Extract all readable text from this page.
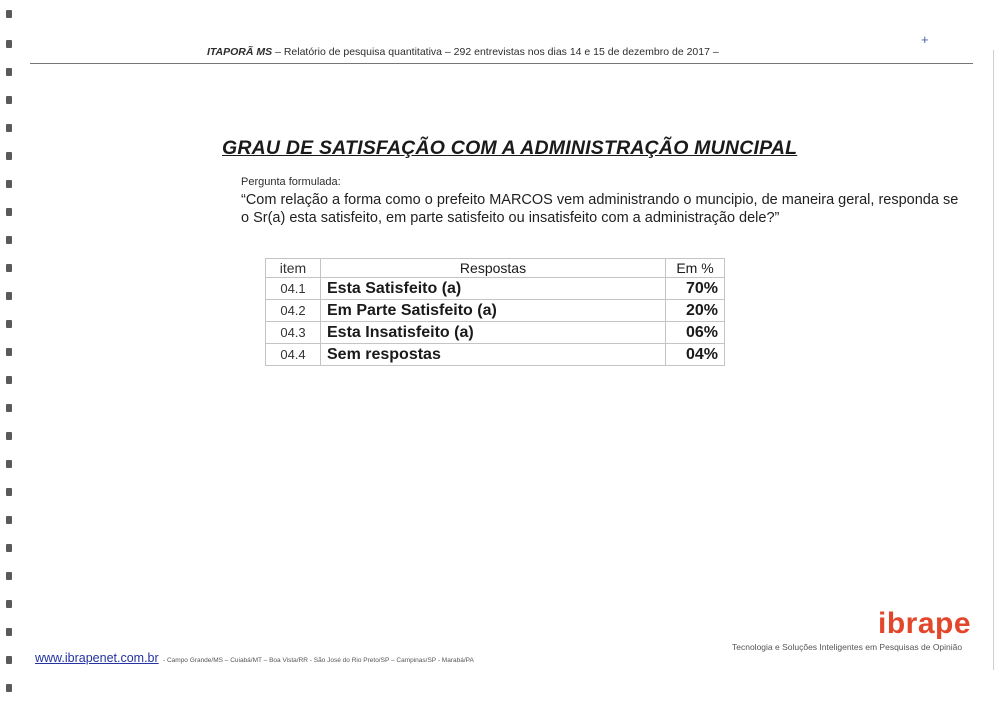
ITAPORÃ MS – Relatório de pesquisa quantitativa – 292 entrevistas nos dias 14 e 15 de dezembro de 2017 –
+
GRAU DE SATISFAÇÃO COM A ADMINISTRAÇÃO MUNCIPAL
Pergunta formulada:
“Com relação a forma como o prefeito MARCOS vem administrando o muncipio, de maneira geral, responda se o Sr(a) esta satisfeito, em parte satisfeito ou insatisfeito com a administração dele?”
item	Respostas	Em %
04.1	Esta Satisfeito (a)	70%
04.2	Em Parte Satisfeito (a)	20%
04.3	Esta Insatisfeito (a)	06%
04.4	Sem respostas	04%
ibrape
Tecnologia e Soluções Inteligentes em Pesquisas de Opinião
www.ibrapenet.com.br - Campo Grande/MS – Cuiabá/MT – Boa Vista/RR - São José do Rio Preto/SP – Campinas/SP - Marabá/PA
